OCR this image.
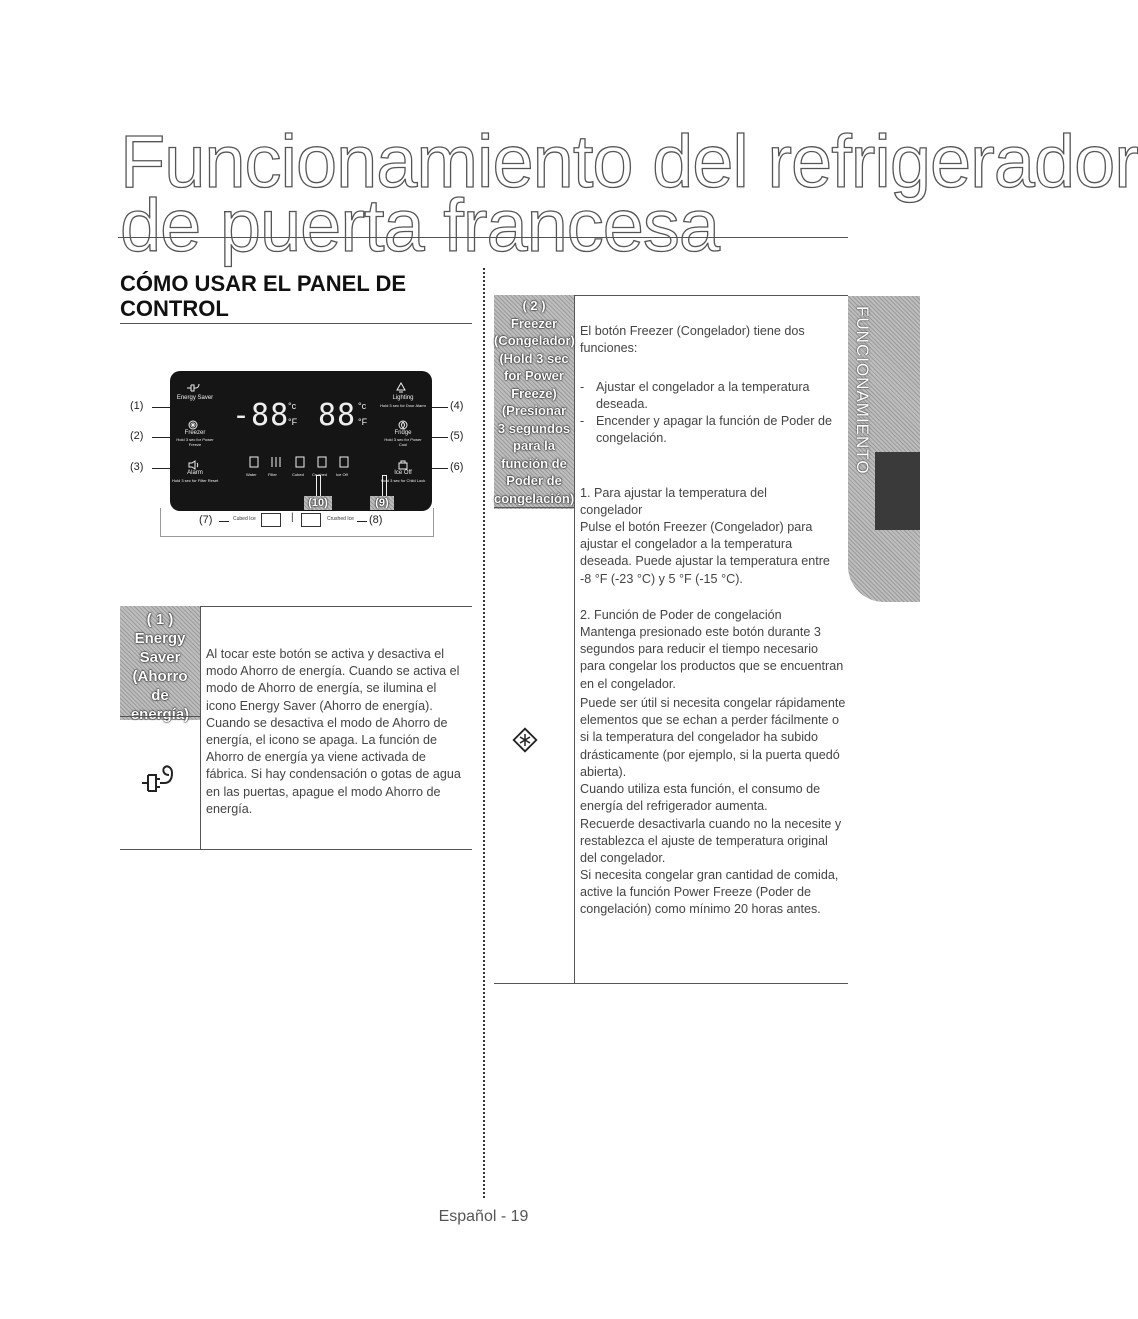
Funcionamiento del refrigerador
de puerta francesa
CÓMO USAR EL PANEL DE
CONTROL
(1)
(2)
(3)
(4)
(5)
(6)
Energy Saver
Freezer
Hold 3 sec for Power Freeze
Alarm
Hold 3 sec for Filter Reset
-88
°c
°F 88 °c
°F
Lighting
Hold 3 sec for Door Alarm
Fridge
Hold 3 sec for Power Cool
Ice Off
Hold 3 sec for Child Lock
Water	Filter	Cubed Crushed Ice Off
(10)	(9)
(7)	Cubed Ice	|	Crushed Ice (8)
( 1 )
Energy
Saver
(Ahorro
de
energía)
Al tocar este botón se activa y desactiva el modo Ahorro de energía. Cuando se activa el modo de Ahorro de energía, se ilumina el icono Energy Saver (Ahorro de energía). Cuando se desactiva el modo de Ahorro de energía, el icono se apaga. La función de Ahorro de energía ya viene activada de fábrica. Si hay condensación o gotas de agua en las puertas, apague el modo Ahorro de energía.
( 2 )
Freezer
(Congelador)
(Hold 3 sec
for Power
Freeze)
(Presionar
3 segundos
para la
función de
Poder de
congelación)
El botón Freezer (Congelador) tiene dos funciones:
- Ajustar el congelador a la temperatura deseada.
- Encender y apagar la función de Poder de congelación.
1. Para ajustar la temperatura del congelador
Pulse el botón Freezer (Congelador) para ajustar el congelador a la temperatura deseada. Puede ajustar la temperatura entre -8 °F (-23 °C) y 5 °F (-15 °C).
2. Función de Poder de congelación
Mantenga presionado este botón durante 3 segundos para reducir el tiempo necesario para congelar los productos que se encuentran en el congelador.
Puede ser útil si necesita congelar rápidamente elementos que se echan a perder fácilmente o si la temperatura del congelador ha subido drásticamente (por ejemplo, si la puerta quedó abierta).
Cuando utiliza esta función, el consumo de energía del refrigerador aumenta.
Recuerde desactivarla cuando no la necesite y restablezca el ajuste de temperatura original del congelador.
Si necesita congelar gran cantidad de comida, active la función Power Freeze (Poder de congelación) como mínimo 20 horas antes.
FUNCIONAMIENTO
Español - 19
